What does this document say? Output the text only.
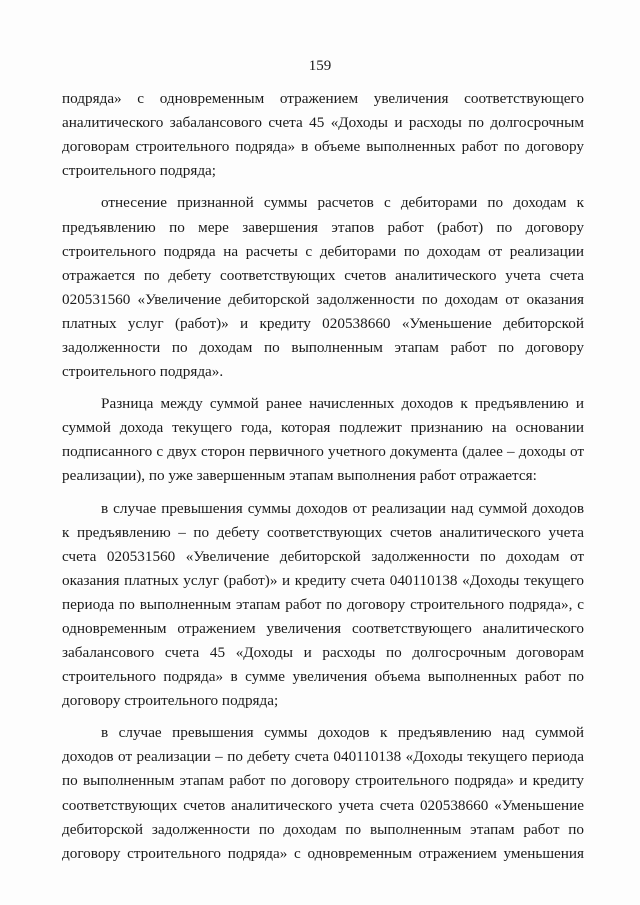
159

подряда» с одновременным отражением увеличения соответствующего аналитического забалансового счета 45 «Доходы и расходы по долгосрочным договорам строительного подряда» в объеме выполненных работ по договору строительного подряда;

отнесение признанной суммы расчетов с дебиторами по доходам к предъявлению по мере завершения этапов работ (работ) по договору строительного подряда на расчеты с дебиторами по доходам от реализации отражается по дебету соответствующих счетов аналитического учета счета 020531560 «Увеличение дебиторской задолженности по доходам от оказания платных услуг (работ)» и кредиту 020538660 «Уменьшение дебиторской задолженности по доходам по выполненным этапам работ по договору строительного подряда».

Разница между суммой ранее начисленных доходов к предъявлению и суммой дохода текущего года, которая подлежит признанию на основании подписанного с двух сторон первичного учетного документа (далее – доходы от реализации), по уже завершенным этапам выполнения работ отражается:

в случае превышения суммы доходов от реализации над суммой доходов к предъявлению – по дебету соответствующих счетов аналитического учета счета 020531560 «Увеличение дебиторской задолженности по доходам от оказания платных услуг (работ)» и кредиту счета 040110138 «Доходы текущего периода по выполненным этапам работ по договору строительного подряда», с одновременным отражением увеличения соответствующего аналитического забалансового счета 45 «Доходы и расходы по долгосрочным договорам строительного подряда» в сумме увеличения объема выполненных работ по договору строительного подряда;

в случае превышения суммы доходов к предъявлению над суммой доходов от реализации – по дебету счета 040110138 «Доходы текущего периода по выполненным этапам работ по договору строительного подряда» и кредиту соответствующих счетов аналитического учета счета 020538660 «Уменьшение дебиторской задолженности по доходам по выполненным этапам работ по договору строительного подряда» с одновременным отражением уменьшения
